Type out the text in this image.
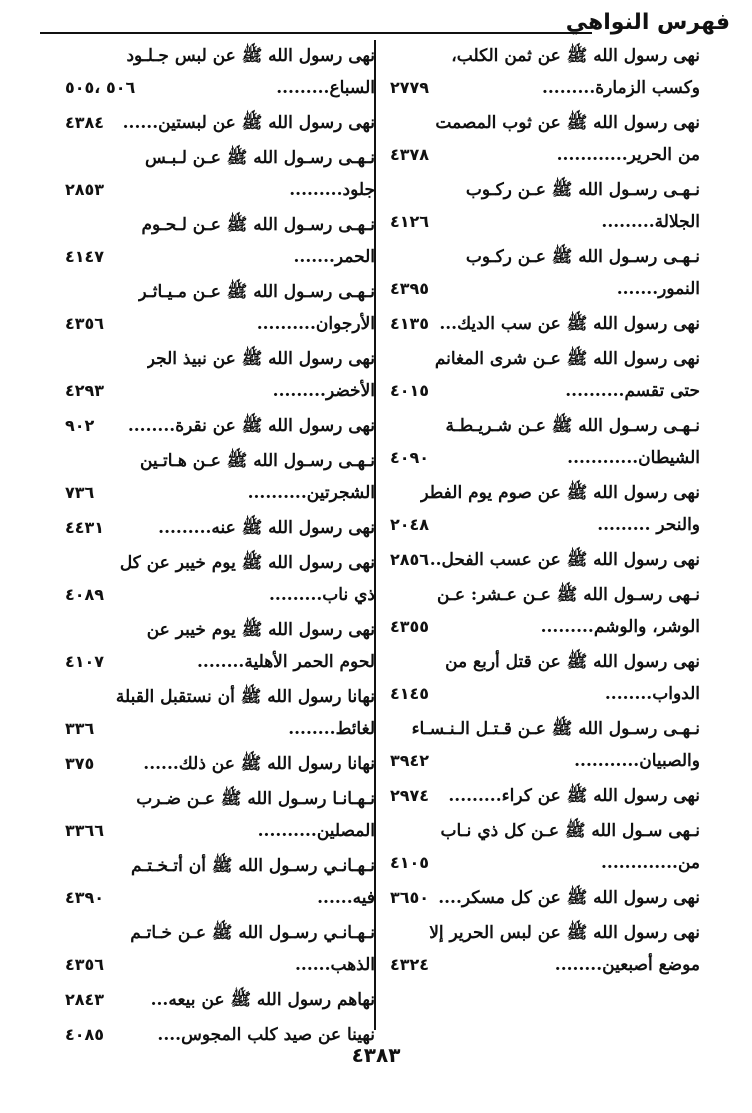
فهرس النواهي
نهى رسول الله ﷺ عن ثمن الكلب،
وكسب الزمارة.........
٢٧٧٩
نهى رسول الله ﷺ عن ثوب المصمت
من الحرير............
٤٣٧٨
نـهـى رسـول الله ﷺ عـن ركـوب
الجلالة.........
٤١٢٦
نـهـى رسـول الله ﷺ عـن ركـوب
النمور.......
٤٣٩٥
نهى رسول الله ﷺ عن سب الديك...
٤١٣٥
نهى رسول الله ﷺ عـن شرى المغانم
حتى تقسم..........
٤٠١٥
نـهـى رسـول الله ﷺ عـن شـريـطـة
الشيطان............
٤٠٩٠
نهى رسول الله ﷺ عن صوم يوم الفطر
والنحر .........
٢٠٤٨
نهى رسول الله ﷺ عن عسب الفحل..
٢٨٥٦
نـهى رسـول الله ﷺ عـن عـشر: عـن
الوشر، والوشم.........
٤٣٥٥
نهى رسول الله ﷺ عن قتل أربع من
الدواب........
٤١٤٥
نـهـى رسـول الله ﷺ عـن قـتـل الـنـسـاء
والصبيان...........
٣٩٤٢
نهى رسول الله ﷺ عن كراء.........
٢٩٧٤
نـهى سـول الله ﷺ عـن كل ذي نـاب
من.............
٤١٠٥
نهى رسول الله ﷺ عن كل مسكر....
٣٦٥٠
نهى رسول الله ﷺ عن لبس الحرير إلا
موضع أصبعين........
٤٣٢٤
نهى رسول الله ﷺ عن لبس جـلـود
السباع.........
٥٠٦ ،٥٠٥
نهى رسول الله ﷺ عن لبستين......
٤٣٨٤
نـهـى رسـول الله ﷺ عـن لـبـس
جلود.........
٢٨٥٣
نـهـى رسـول الله ﷺ عـن لـحـوم
الحمر.......
٤١٤٧
نـهـى رسـول الله ﷺ عـن مـيـاثـر
الأرجوان..........
٤٣٥٦
نهى رسول الله ﷺ عن نبيذ الجر
الأخضر.........
٤٢٩٣
نهى رسول الله ﷺ عن نقرة........
٩٠٢
نـهـى رسـول الله ﷺ عـن هـاتـين
الشجرتين..........
٧٣٦
نهى رسول الله ﷺ عنه.........
٤٤٣١
نهى رسول الله ﷺ يوم خيبر عن كل
ذي ناب.........
٤٠٨٩
نهى رسول الله ﷺ يوم خيبر عن
لحوم الحمر الأهلية........
٤١٠٧
نهانا رسول الله ﷺ أن نستقبل القبلة
لغائط........
٣٣٦
نهانا رسول الله ﷺ عن ذلك......
٣٧٥
نـهـانـا رسـول الله ﷺ عـن ضـرب
المصلين..........
٣٣٦٦
نـهـانـي رسـول الله ﷺ أن أتـخـتـم
فيه......
٤٣٩٠
نـهـانـي رسـول الله ﷺ عـن خـاتـم
الذهب......
٤٣٥٦
نهاهم رسول الله ﷺ عن بيعه...
٢٨٤٣
نهينا عن صيد كلب المجوس....
٤٠٨٥
٤٣٨٣
